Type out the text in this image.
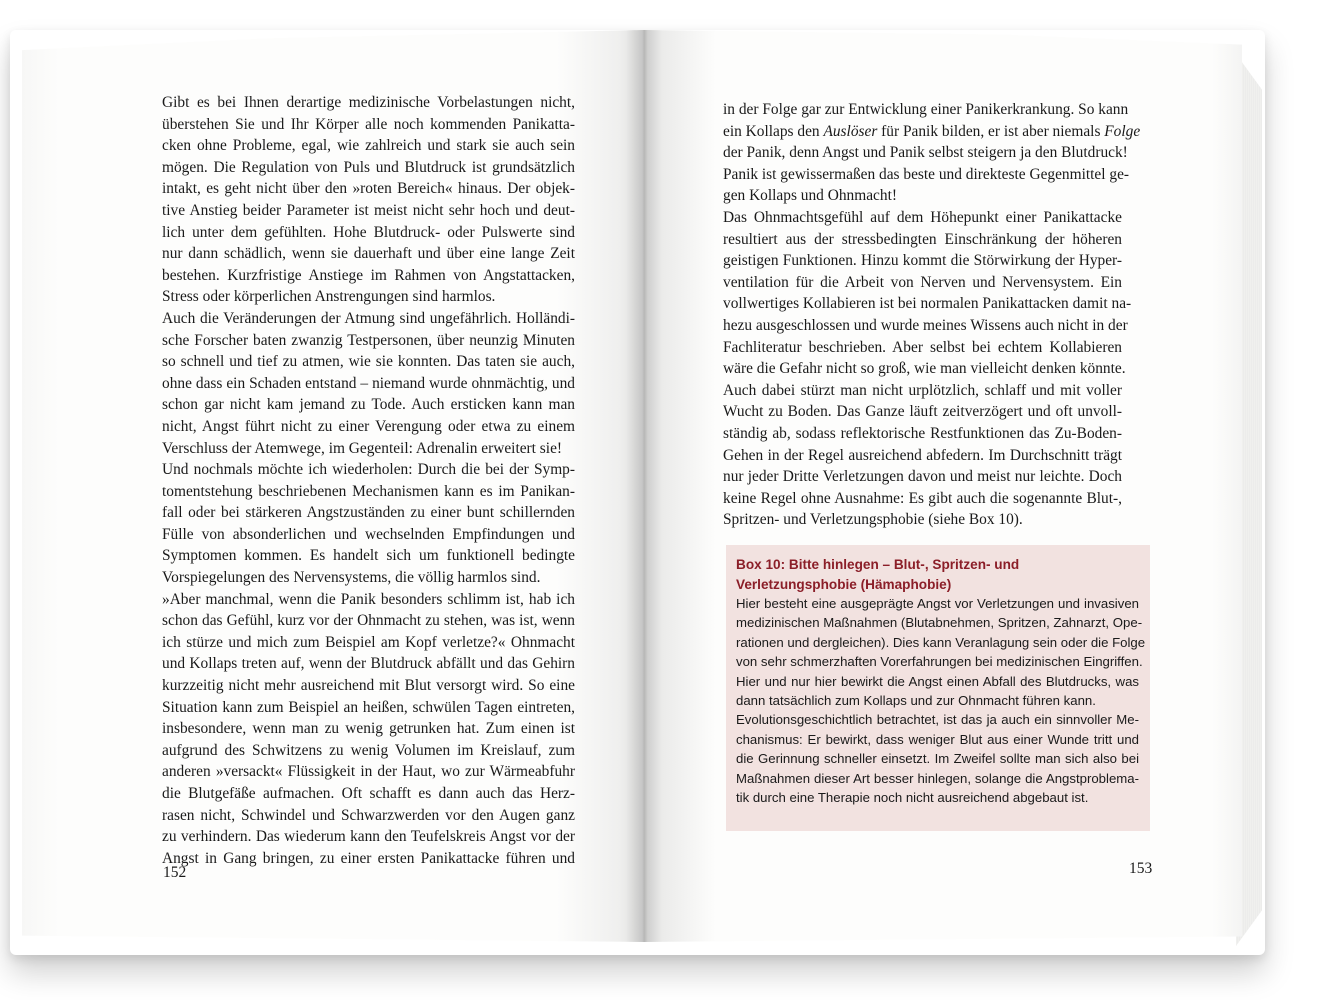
Gibt es bei Ihnen derartige medizinische Vorbelastungen nicht,
überstehen Sie und Ihr Körper alle noch kommenden Panikatta-
cken ohne Probleme, egal, wie zahlreich und stark sie auch sein
mögen. Die Regulation von Puls und Blutdruck ist grundsätzlich
intakt, es geht nicht über den »roten Bereich« hinaus. Der objek-
tive Anstieg beider Parameter ist meist nicht sehr hoch und deut-
lich unter dem gefühlten. Hohe Blutdruck- oder Pulswerte sind
nur dann schädlich, wenn sie dauerhaft und über eine lange Zeit
bestehen. Kurzfristige Anstiege im Rahmen von Angstattacken,
Stress oder körperlichen Anstrengungen sind harmlos.
Auch die Veränderungen der Atmung sind ungefährlich. Holländi-
sche Forscher baten zwanzig Testpersonen, über neunzig Minuten
so schnell und tief zu atmen, wie sie konnten. Das taten sie auch,
ohne dass ein Schaden entstand – niemand wurde ohnmächtig, und
schon gar nicht kam jemand zu Tode. Auch ersticken kann man
nicht, Angst führt nicht zu einer Verengung oder etwa zu einem
Verschluss der Atemwege, im Gegenteil: Adrenalin erweitert sie!
Und nochmals möchte ich wiederholen: Durch die bei der Symp-
tomentstehung beschriebenen Mechanismen kann es im Panikan-
fall oder bei stärkeren Angstzuständen zu einer bunt schillernden
Fülle von absonderlichen und wechselnden Empfindungen und
Symptomen kommen. Es handelt sich um funktionell bedingte
Vorspiegelungen des Nervensystems, die völlig harmlos sind.
»Aber manchmal, wenn die Panik besonders schlimm ist, hab ich
schon das Gefühl, kurz vor der Ohnmacht zu stehen, was ist, wenn
ich stürze und mich zum Beispiel am Kopf verletze?« Ohnmacht
und Kollaps treten auf, wenn der Blutdruck abfällt und das Gehirn
kurzzeitig nicht mehr ausreichend mit Blut versorgt wird. So eine
Situation kann zum Beispiel an heißen, schwülen Tagen eintreten,
insbesondere, wenn man zu wenig getrunken hat. Zum einen ist
aufgrund des Schwitzens zu wenig Volumen im Kreislauf, zum
anderen »versackt« Flüssigkeit in der Haut, wo zur Wärmeabfuhr
die Blutgefäße aufmachen. Oft schafft es dann auch das Herz-
rasen nicht, Schwindel und Schwarzwerden vor den Augen ganz
zu verhindern. Das wiederum kann den Teufelskreis Angst vor der
Angst in Gang bringen, zu einer ersten Panikattacke führen und

in der Folge gar zur Entwicklung einer Panikerkrankung. So kann
ein Kollaps den Auslöser für Panik bilden, er ist aber niemals Folge
der Panik, denn Angst und Panik selbst steigern ja den Blutdruck!
Panik ist gewissermaßen das beste und direkteste Gegenmittel ge-
gen Kollaps und Ohnmacht!
Das Ohnmachtsgefühl auf dem Höhepunkt einer Panikattacke
resultiert aus der stressbedingten Einschränkung der höheren
geistigen Funktionen. Hinzu kommt die Störwirkung der Hyper-
ventilation für die Arbeit von Nerven und Nervensystem. Ein
vollwertiges Kollabieren ist bei normalen Panikattacken damit na-
hezu ausgeschlossen und wurde meines Wissens auch nicht in der
Fachliteratur beschrieben. Aber selbst bei echtem Kollabieren
wäre die Gefahr nicht so groß, wie man vielleicht denken könnte.
Auch dabei stürzt man nicht urplötzlich, schlaff und mit voller
Wucht zu Boden. Das Ganze läuft zeitverzögert und oft unvoll-
ständig ab, sodass reflektorische Restfunktionen das Zu-Boden-
Gehen in der Regel ausreichend abfedern. Im Durchschnitt trägt
nur jeder Dritte Verletzungen davon und meist nur leichte. Doch
keine Regel ohne Ausnahme: Es gibt auch die sogenannte Blut-,
Spritzen- und Verletzungsphobie (siehe Box 10).

Box 10: Bitte hinlegen – Blut-, Spritzen- und
Verletzungsphobie (Hämaphobie)
Hier besteht eine ausgeprägte Angst vor Verletzungen und invasiven
medizinischen Maßnahmen (Blutabnehmen, Spritzen, Zahnarzt, Ope-
rationen und dergleichen). Dies kann Veranlagung sein oder die Folge
von sehr schmerzhaften Vorerfahrungen bei medizinischen Eingriffen.
Hier und nur hier bewirkt die Angst einen Abfall des Blutdrucks, was
dann tatsächlich zum Kollaps und zur Ohnmacht führen kann.
Evolutionsgeschichtlich betrachtet, ist das ja auch ein sinnvoller Me-
chanismus: Er bewirkt, dass weniger Blut aus einer Wunde tritt und
die Gerinnung schneller einsetzt. Im Zweifel sollte man sich also bei
Maßnahmen dieser Art besser hinlegen, solange die Angstproblema-
tik durch eine Therapie noch nicht ausreichend abgebaut ist.
152	153
